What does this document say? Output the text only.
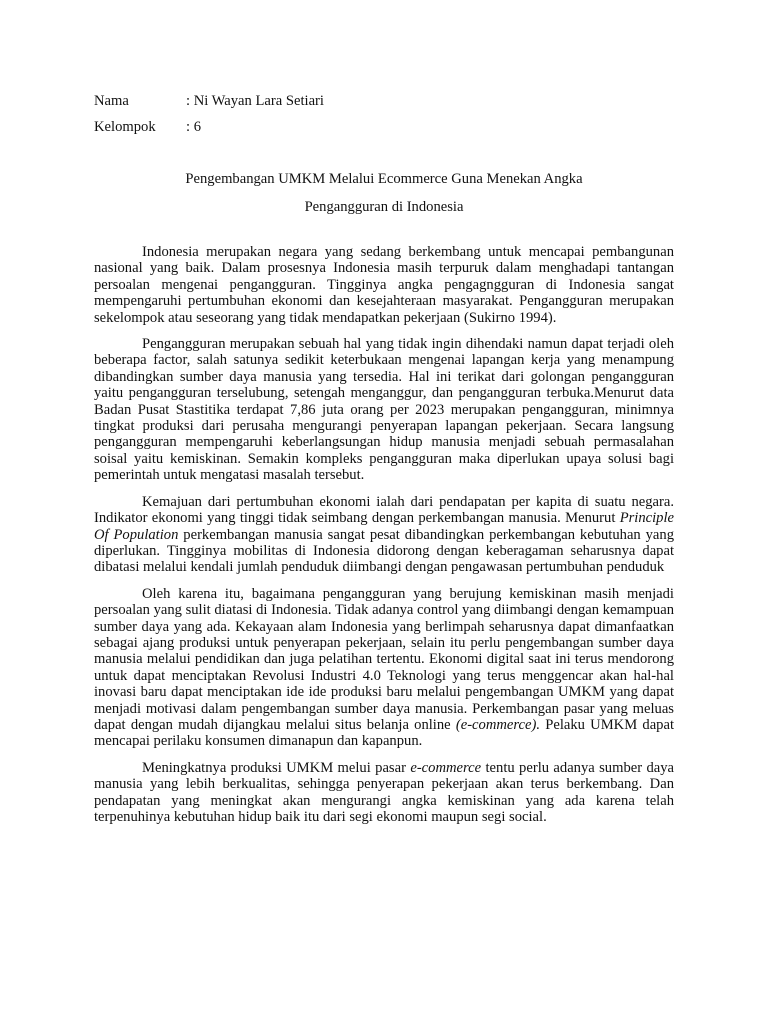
Nama	: Ni Wayan Lara Setiari
Kelompok	: 6
Pengembangan UMKM Melalui Ecommerce Guna Menekan Angka
Pengangguran di Indonesia

Indonesia merupakan negara yang sedang berkembang untuk mencapai pembangunan nasional yang baik. Dalam prosesnya Indonesia masih terpuruk dalam menghadapi tantangan persoalan mengenai pengangguran. Tingginya angka pengagngguran di Indonesia sangat mempengaruhi pertumbuhan ekonomi dan kesejahteraan masyarakat. Pengangguran merupakan sekelompok atau seseorang yang tidak mendapatkan pekerjaan (Sukirno 1994).

Pengangguran merupakan sebuah hal yang tidak ingin dihendaki namun dapat terjadi oleh beberapa factor, salah satunya sedikit keterbukaan mengenai lapangan kerja yang menampung dibandingkan sumber daya manusia yang tersedia. Hal ini terikat dari golongan pengangguran yaitu pengangguran terselubung, setengah menganggur, dan pengangguran terbuka.Menurut data Badan Pusat Stastitika terdapat 7,86 juta orang per 2023 merupakan pengangguran, minimnya tingkat produksi dari perusaha mengurangi penyerapan lapangan pekerjaan. Secara langsung pengangguran mempengaruhi keberlangsungan hidup manusia menjadi sebuah permasalahan soisal yaitu kemiskinan. Semakin kompleks pengangguran maka diperlukan upaya solusi bagi pemerintah untuk mengatasi masalah tersebut.

Kemajuan dari pertumbuhan ekonomi ialah dari pendapatan per kapita di suatu negara. Indikator ekonomi yang tinggi tidak seimbang dengan perkembangan manusia. Menurut Principle Of Population perkembangan manusia sangat pesat dibandingkan perkembangan kebutuhan yang diperlukan. Tingginya mobilitas di Indonesia didorong dengan keberagaman seharusnya dapat dibatasi melalui kendali jumlah penduduk diimbangi dengan pengawasan pertumbuhan penduduk

Oleh karena itu, bagaimana pengangguran yang berujung kemiskinan masih menjadi persoalan yang sulit diatasi di Indonesia. Tidak adanya control yang diimbangi dengan kemampuan sumber daya yang ada. Kekayaan alam Indonesia yang berlimpah seharusnya dapat dimanfaatkan sebagai ajang produksi untuk penyerapan pekerjaan, selain itu perlu pengembangan sumber daya manusia melalui pendidikan dan juga pelatihan tertentu. Ekonomi digital saat ini terus mendorong untuk dapat menciptakan Revolusi Industri 4.0 Teknologi yang terus menggencar akan hal-hal inovasi baru dapat menciptakan ide ide produksi baru melalui pengembangan UMKM yang dapat menjadi motivasi dalam pengembangan sumber daya manusia. Perkembangan pasar yang meluas dapat dengan mudah dijangkau melalui situs belanja online (e-commerce). Pelaku UMKM dapat mencapai perilaku konsumen dimanapun dan kapanpun.

Meningkatnya produksi UMKM melui pasar e-commerce tentu perlu adanya sumber daya manusia yang lebih berkualitas, sehingga penyerapan pekerjaan akan terus berkembang. Dan pendapatan yang meningkat akan mengurangi angka kemiskinan yang ada karena telah terpenuhinya kebutuhan hidup baik itu dari segi ekonomi maupun segi social.
